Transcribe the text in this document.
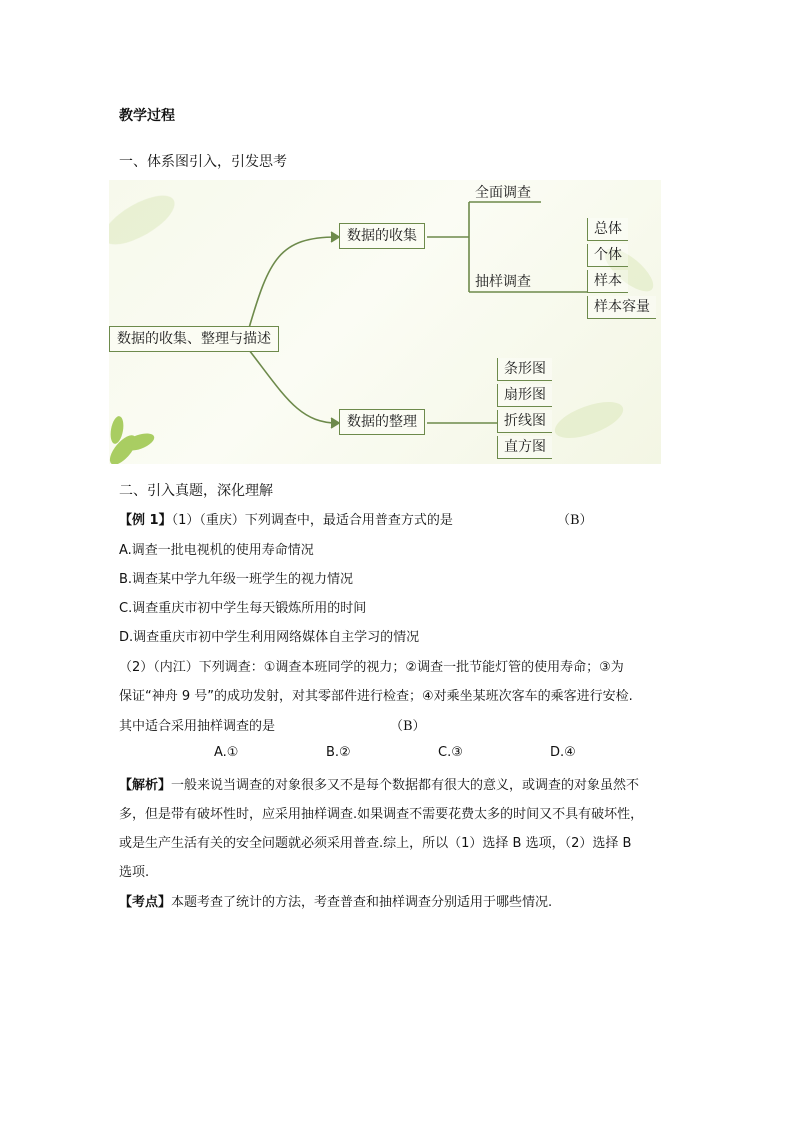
教学过程
一、体系图引入，引发思考
数据的收集、整理与描述
数据的收集
数据的整理
全面调查
抽样调查
总体
个体
样本
样本容量
条形图
扇形图
折线图
直方图
二、引入真题，深化理解
【例 1】（1）（重庆）下列调查中，最适合用普查方式的是	（B）
A.调查一批电视机的使用寿命情况
B.调查某中学九年级一班学生的视力情况
C.调查重庆市初中学生每天锻炼所用的时间
D.调查重庆市初中学生利用网络媒体自主学习的情况
（2）（内江）下列调查：①调查本班同学的视力；②调查一批节能灯管的使用寿命；③为
保证“神舟 9 号”的成功发射，对其零部件进行检查；④对乘坐某班次客车的乘客进行安检.
其中适合采用抽样调查的是	（B）
A.①	B.②	C.③	D.④
【解析】一般来说当调查的对象很多又不是每个数据都有很大的意义，或调查的对象虽然不
多，但是带有破坏性时，应采用抽样调查.如果调查不需要花费太多的时间又不具有破坏性，
或是生产生活有关的安全问题就必须采用普查.综上，所以（1）选择 B 选项，（2）选择 B
选项.
【考点】本题考查了统计的方法，考查普查和抽样调查分别适用于哪些情况.
